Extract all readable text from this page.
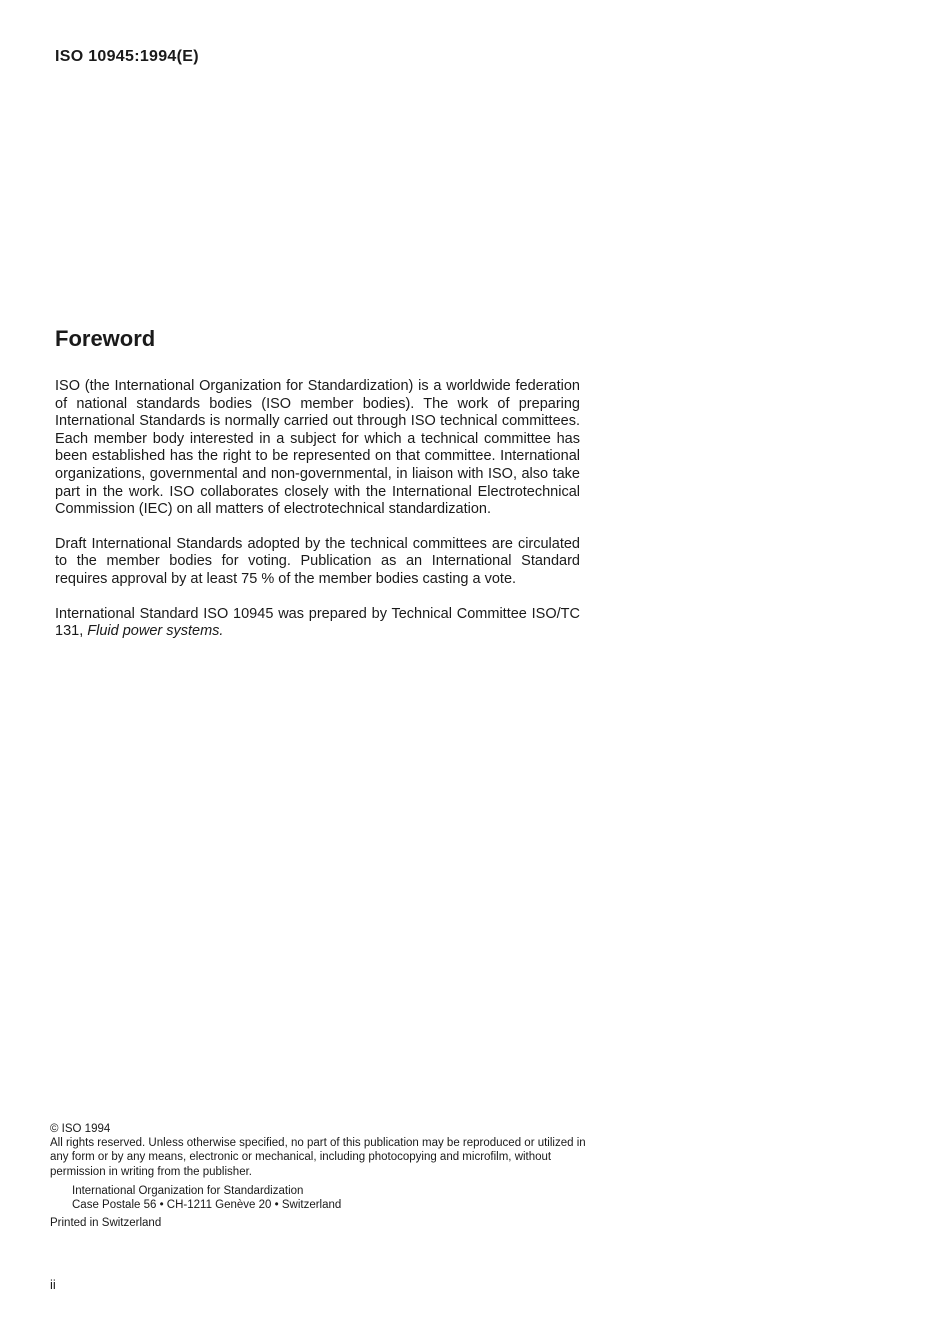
ISO 10945:1994(E)
Foreword

ISO (the International Organization for Standardization) is a worldwide federation of national standards bodies (ISO member bodies). The work of preparing International Standards is normally carried out through ISO technical committees. Each member body interested in a subject for which a technical committee has been established has the right to be represented on that committee. International organizations, governmental and non-governmental, in liaison with ISO, also take part in the work. ISO collaborates closely with the International Electrotechnical Commission (IEC) on all matters of electrotechnical standardization.

Draft International Standards adopted by the technical committees are circulated to the member bodies for voting. Publication as an International Standard requires approval by at least 75 % of the member bodies casting a vote.

International Standard ISO 10945 was prepared by Technical Committee ISO/TC 131, Fluid power systems.

© ISO 1994
All rights reserved. Unless otherwise specified, no part of this publication may be reproduced or utilized in any form or by any means, electronic or mechanical, including photocopying and microfilm, without permission in writing from the publisher.
International Organization for Standardization
Case Postale 56 • CH-1211 Genève 20 • Switzerland
Printed in Switzerland
ii
